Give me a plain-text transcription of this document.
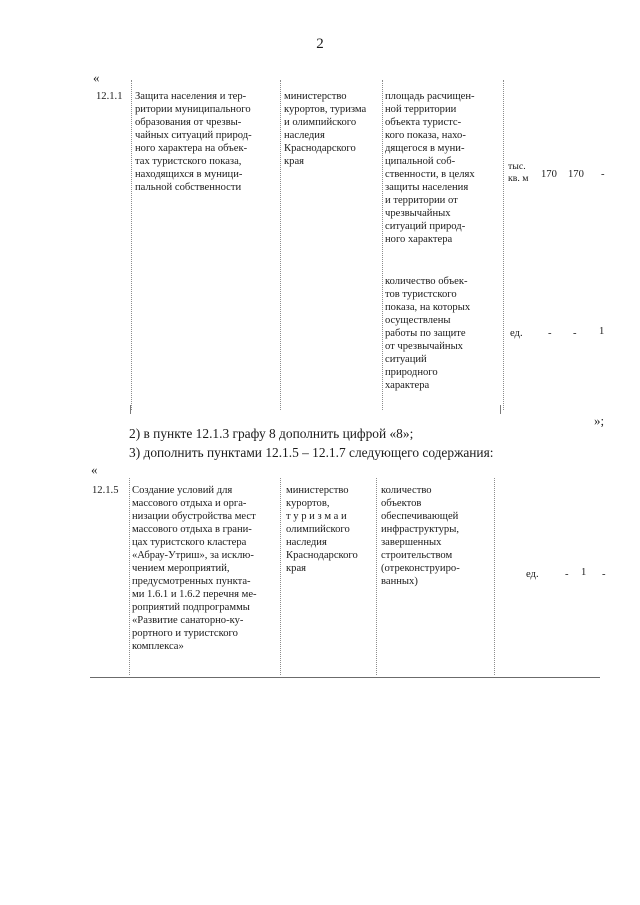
2
«
12.1.1 Защита населения и тер-
ритории муниципального
образования от чрезвы-
чайных ситуаций природ-
ного характера на объек-
тах туристского показа,
находящихся в муници-
пальной собственности
министерство
курортов, туризма
и олимпийского
наследия
Краснодарского
края
площадь расчищен-
ной территории
объекта туристс-
кого показа, нахо-
дящегося в муни-
ципальной соб-
ственности, в целях
защиты населения
и территории от
чрезвычайных
ситуаций природ-
ного характера
тыс.
кв. м	170 170 -
количество объек-
тов туристского
показа, на которых
осуществлены
работы по защите
от чрезвычайных
ситуаций
природного
характера
ед. - - 1
»;
2) в пункте 12.1.3 графу 8 дополнить цифрой «8»;
3) дополнить пунктами 12.1.5 – 12.1.7 следующего содержания:
«
12.1.5 Создание условий для
массового отдыха и орга-
низации обустройства мест
массового отдыха в грани-
цах туристского кластера
«Абрау-Утриш», за исклю-
чением мероприятий,
предусмотренных пункта-
ми 1.6.1 и 1.6.2 перечня ме-
роприятий подпрограммы
«Развитие санаторно-ку-
рортного и туристского
комплекса»
министерство
курортов,
т у р и з м а и
олимпийского
наследия
Краснодарского
края
количество
объектов
обеспечивающей
инфраструктуры,
завершенных
строительством
(отреконструиро-
ванных)
ед. - 1 -
